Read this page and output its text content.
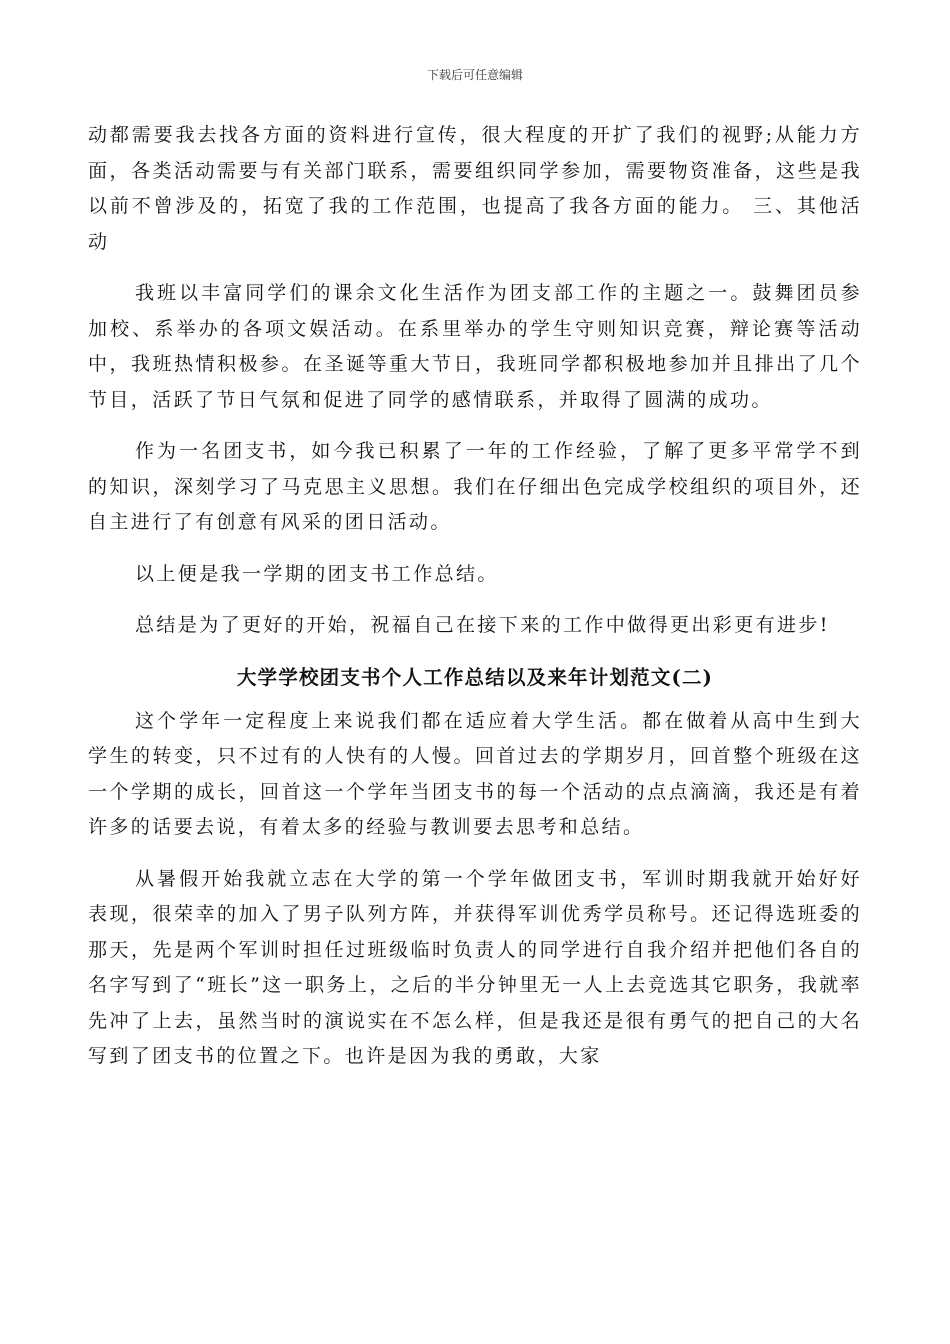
下载后可任意编辑

动都需要我去找各方面的资料进行宣传，很大程度的开扩了我们的视野;从能力方面，各类活动需要与有关部门联系，需要组织同学参加，需要物资准备，这些是我以前不曾涉及的，拓宽了我的工作范围，也提高了我各方面的能力。 三、其他活动

我班以丰富同学们的课余文化生活作为团支部工作的主题之一。鼓舞团员参加校、系举办的各项文娱活动。在系里举办的学生守则知识竞赛，辩论赛等活动中，我班热情积极参。在圣诞等重大节日，我班同学都积极地参加并且排出了几个节目，活跃了节日气氛和促进了同学的感情联系，并取得了圆满的成功。

作为一名团支书，如今我已积累了一年的工作经验，了解了更多平常学不到的知识，深刻学习了马克思主义思想。我们在仔细出色完成学校组织的项目外，还自主进行了有创意有风采的团日活动。

以上便是我一学期的团支书工作总结。

总结是为了更好的开始，祝福自己在接下来的工作中做得更出彩更有进步!

大学学校团支书个人工作总结以及来年计划范文(二)

这个学年一定程度上来说我们都在适应着大学生活。都在做着从高中生到大学生的转变，只不过有的人快有的人慢。回首过去的学期岁月，回首整个班级在这一个学期的成长，回首这一个学年当团支书的每一个活动的点点滴滴，我还是有着许多的话要去说，有着太多的经验与教训要去思考和总结。

从暑假开始我就立志在大学的第一个学年做团支书，军训时期我就开始好好表现，很荣幸的加入了男子队列方阵，并获得军训优秀学员称号。还记得选班委的那天，先是两个军训时担任过班级临时负责人的同学进行自我介绍并把他们各自的名字写到了“班长”这一职务上，之后的半分钟里无一人上去竞选其它职务，我就率先冲了上去，虽然当时的演说实在不怎么样，但是我还是很有勇气的把自己的大名写到了团支书的位置之下。也许是因为我的勇敢，大家
